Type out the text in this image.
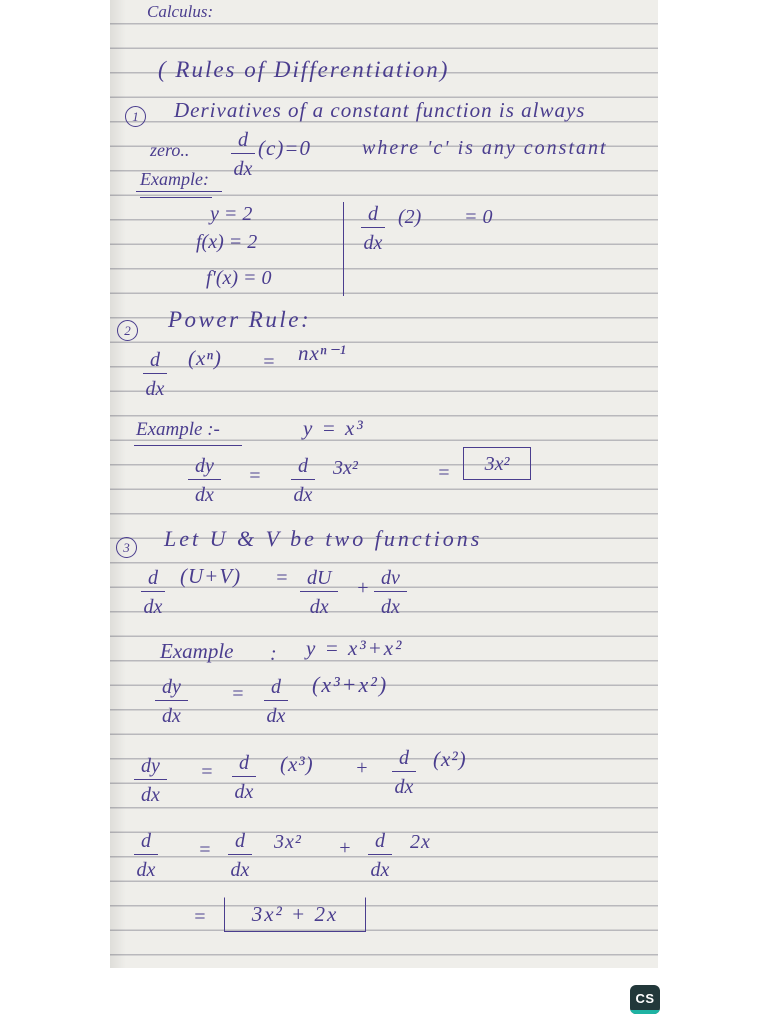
Calculus:
( Rules of Differentiation)
1	Derivatives of a constant function is always
zero.. $\frac{d}{dx} (c)=0$	where 'c' is any constant
Example:
y = 2
f(x) = 2
f'(x) = 0
$\frac{d}{dx} (2) = 0$
2	Power Rule:
$\frac{d}{dx} (x^n) = nx^{n-1}$
Example :-	y = x³
$\frac{dy}{dx} = \frac{d}{dx} 3x^2$	=	3x²
3	Let U & V be two functions
$\frac{d}{dx} (U+V) = \frac{dU}{dx} + \frac{dv}{dx}$
Example : y = x³+x²
$\frac{dy}{dx} = \frac{d}{dx} (x^3+x^2)$
$\frac{dy}{dx} = \frac{d}{dx} (x^3) + \frac{d}{dx} (x^2)$
$\frac{d}{dx} = \frac{d}{dx} 3x^2 + \frac{d}{dx} 2x$
=	3x² + 2x
CS
